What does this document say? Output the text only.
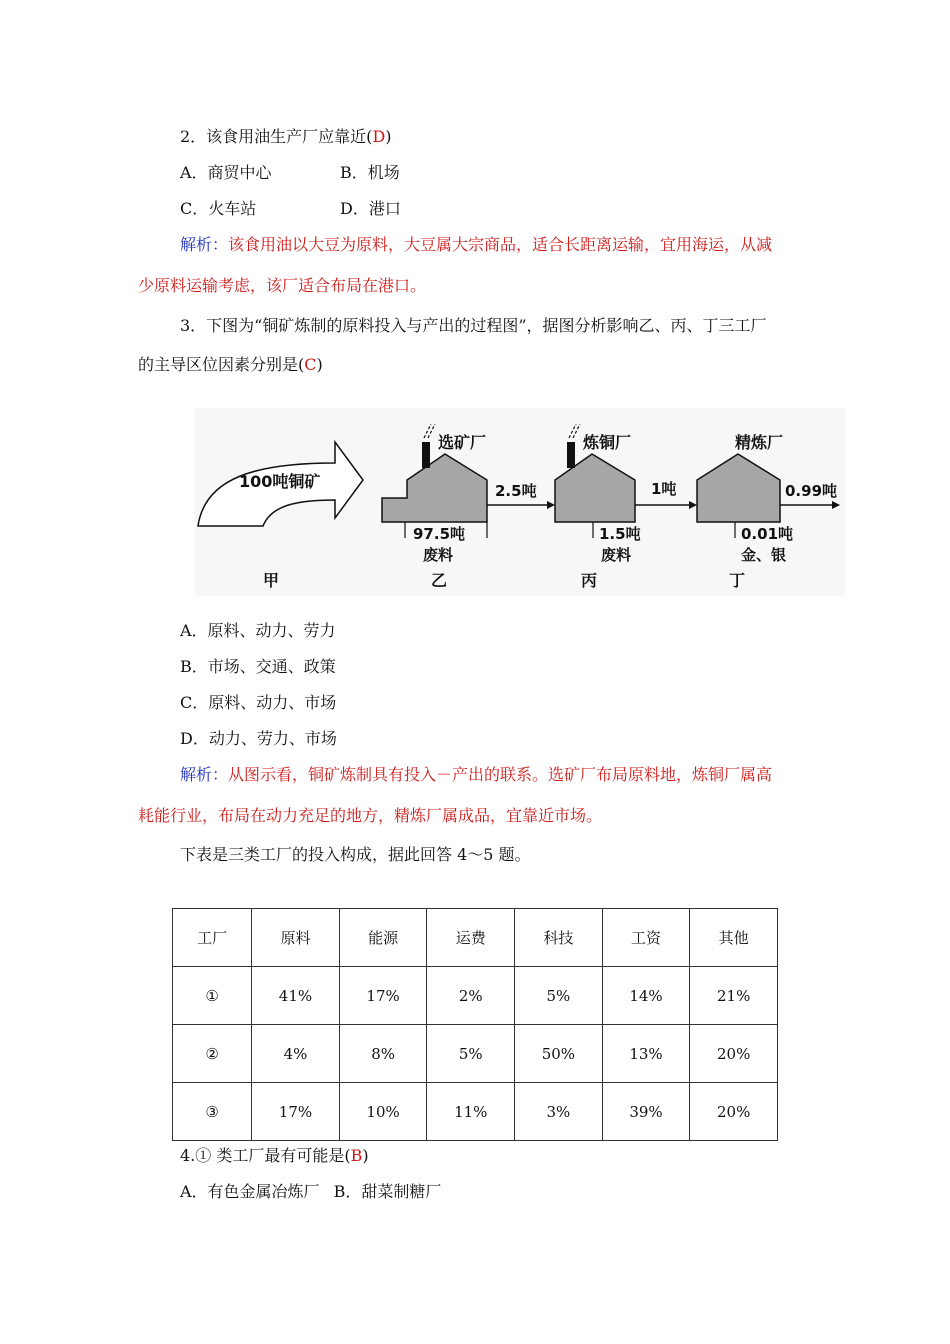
2．该食用油生产厂应靠近(D)
A．商贸中心	B．机场
C．火车站	D．港口
解析：该食用油以大豆为原料，大豆属大宗商品，适合长距离运输，宜用海运，从减
少原料运输考虑，该厂适合布局在港口。
3．下图为“铜矿炼制的原料投入与产出的过程图”，据图分析影响乙、丙、丁三工厂
的主导区位因素分别是(C)
100吨铜矿
选矿厂
2.5吨
97.5吨
废料
炼铜厂
1吨
1.5吨
废料
精炼厂
0.99吨
0.01吨
金、银
甲	乙	丙	丁
A．原料、动力、劳力
B．市场、交通、政策
C．原料、动力、市场
D．动力、劳力、市场
解析：从图示看，铜矿炼制具有投入－产出的联系。选矿厂布局原料地，炼铜厂属高
耗能行业，布局在动力充足的地方，精炼厂属成品，宜靠近市场。
下表是三类工厂的投入构成，据此回答 4～5 题。
工厂	原料	能源	运费	科技	工资	其他
①	41%	17%	2%	5%	14%	21%
②	4%	8%	5%	50%	13%	20%
③	17%	10%	11%	3%	39%	20%
4.① 类工厂最有可能是(B)
A．有色金属冶炼厂 B．甜菜制糖厂
